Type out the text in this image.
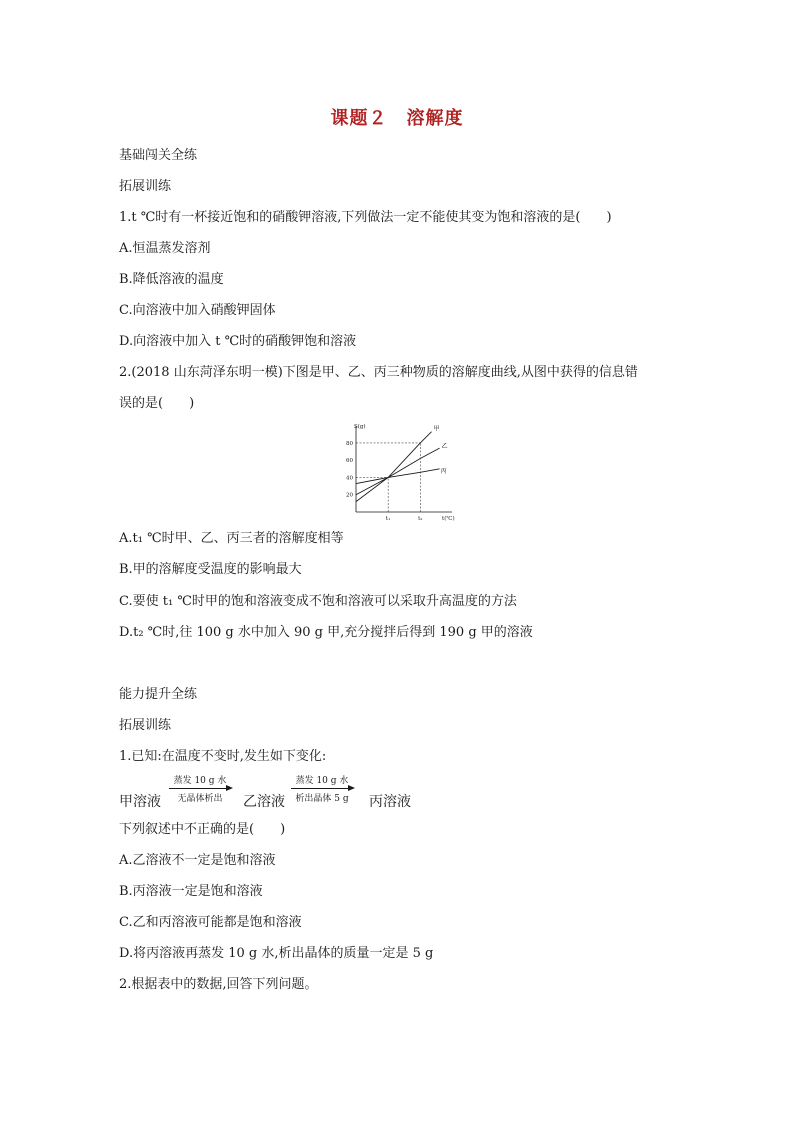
课题２　溶解度
基础闯关全练
拓展训练
1.t ℃时有一杯接近饱和的硝酸钾溶液,下列做法一定不能使其变为饱和溶液的是(　　)
A.恒温蒸发溶剂
B.降低溶液的温度
C.向溶液中加入硝酸钾固体
D.向溶液中加入 t ℃时的硝酸钾饱和溶液
2.(2018 山东菏泽东明一模)下图是甲、乙、丙三种物质的溶解度曲线,从图中获得的信息错
误的是(　　)
S(g)
t(℃)
20
40
60
80
t₁	t₂
甲
乙
丙
A.t₁ ℃时甲、乙、丙三者的溶解度相等
B.甲的溶解度受温度的影响最大
C.要使 t₁ ℃时甲的饱和溶液变成不饱和溶液可以采取升高温度的方法
D.t₂ ℃时,往 100 g 水中加入 90 g 甲,充分搅拌后得到 190 g 甲的溶液
能力提升全练
拓展训练
1.已知:在温度不变时,发生如下变化:
甲溶液
蒸发 10 g 水
无晶体析出	乙溶液
蒸发 10 g 水
析出晶体 5 g	丙溶液
下列叙述中不正确的是(　　)
A.乙溶液不一定是饱和溶液
B.丙溶液一定是饱和溶液
C.乙和丙溶液可能都是饱和溶液
D.将丙溶液再蒸发 10 g 水,析出晶体的质量一定是 5 g
2.根据表中的数据,回答下列问题。
